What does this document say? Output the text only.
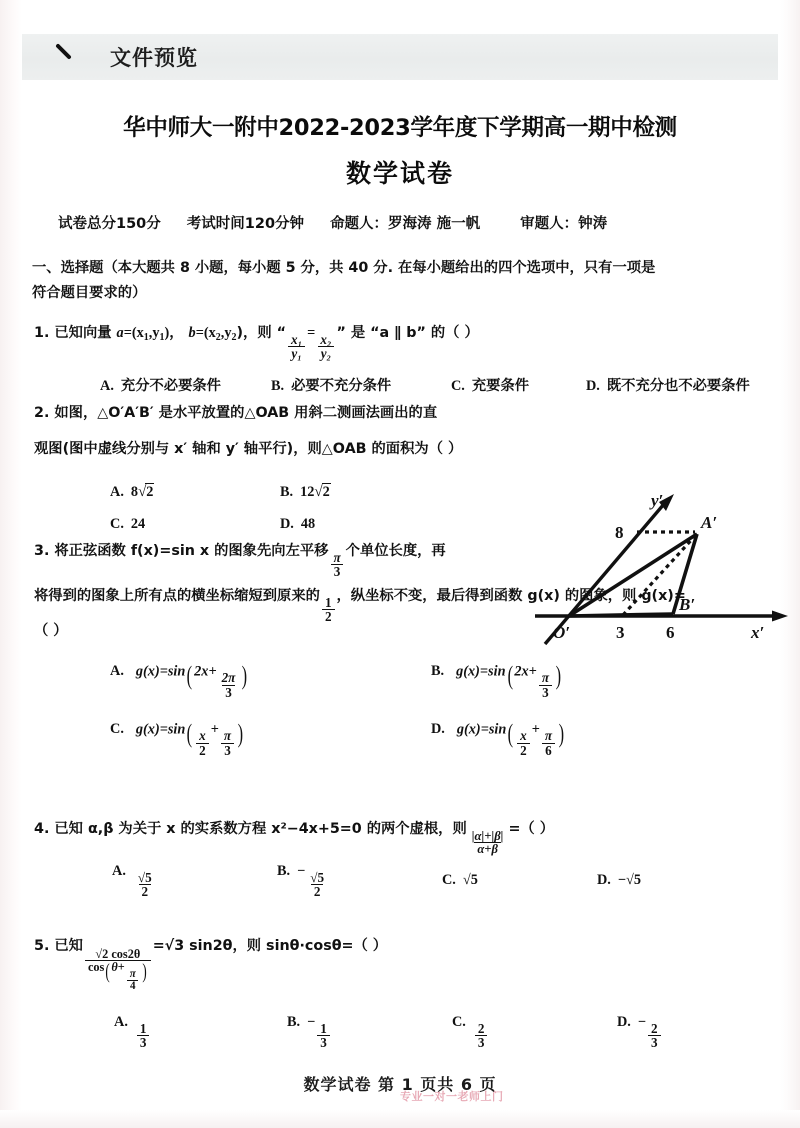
文件预览
华中师大一附中2022-2023学年度下学期高一期中检测
数学试卷
试卷总分150分 考试时间120分钟 命题人：罗海涛 施一帆	审题人：钟涛
一、选择题（本大题共 8 小题，每小题 5 分，共 40 分. 在每小题给出的四个选项中，只有一项是
符合题目要求的）
1. 已知向量 $a=(x_1,y_1)$， $b=(x_2,y_2)$，则 “ $\frac{\text{x₁}}{\text{y₁}} = \frac{\text{x₂}}{\text{y₂}}$ ” 是 “a ∥ b” 的（ ）
A. 充分不必要条件	B. 必要不充分条件	C. 充要条件	D. 既不充分也不必要条件
2. 如图，△O′A′B′ 是水平放置的△OAB 用斜二测画法画出的直
观图(图中虚线分别与 x′ 轴和 y′ 轴平行)，则△OAB 的面积为（ ）
A. 8√2	B. 12√2
C. 24	D. 48
O′	3 6	x′
y′
8
A′
B′
3. 将正弦函数 f(x)=sin x 的图象先向左平移 $\frac{\pi}{3}$ 个单位长度，再
将得到的图象上所有点的横坐标缩短到原来的 $\frac{1}{2}$ ，纵坐标不变，最后得到函数 g(x) 的图象，则 g(x)=
（ ）
A. g(x)=sin( $2x+ \frac{2\pi}{3}$ )	B. g(x)=sin( $2x+ \frac{\pi}{3}$ )
C. $g(x)=\sin( \frac{x}{2} + \frac{\pi}{3}$ )	D. $g(x)=\sin( \frac{x}{2} + \frac{\pi}{6}$ )
4. 已知 α,β 为关于 x 的实系数方程 x²−4x+5=0 的两个虚根，则
$\frac{|\alpha|+|\beta|}{\alpha+\beta}$
=（ ）
A. $\frac{√5}{2}$	B. − $\frac{√5}{2}$	C. √5	D. −√5
5. 已知
√2 cos2θ
cos(θ+
$\frac{\pi}{4}$ )
=√3 sin2θ，则 sinθ·cosθ=（ ）
A. $\frac{1}{3}$	B. − $\frac{1}{3}$	C. $\frac{2}{3}$	D. − $\frac{2}{3}$
数学试卷 第 1 页共 6 页
专业一对一老师上门
